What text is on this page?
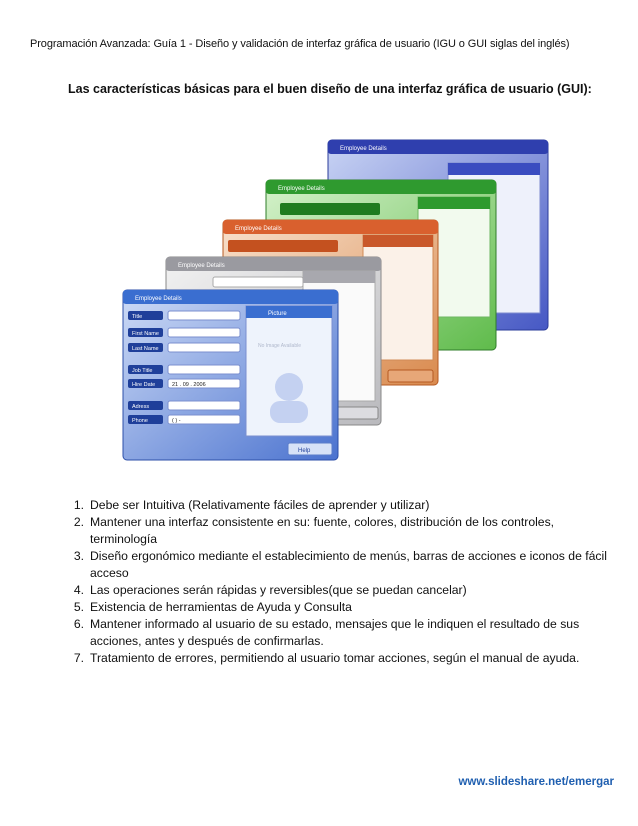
Programación Avanzada: Guía 1 - Diseño y validación de interfaz gráfica de usuario (IGU o GUI siglas del inglés)
Las características básicas para el buen diseño de una interfaz gráfica de usuario (GUI):
Employee Details
Employee Details
Employee Details
Employee Details
Employee Details
Title
First Name
Last Name
Job Title
Hire Date	21 . 09 . 2006
Adress
Phone	( ) -
Picture
No Image Available
Help
1. Debe ser Intuitiva (Relativamente fáciles de aprender y utilizar)
2. Mantener una interfaz consistente en su: fuente, colores, distribución de los controles, terminología
3. Diseño ergonómico mediante el establecimiento de menús, barras de acciones e iconos de fácil acceso
4. Las operaciones serán rápidas y reversibles(que se puedan cancelar)
5. Existencia de herramientas de Ayuda y Consulta
6. Mantener informado al usuario de su estado, mensajes que le indiquen el resultado de sus acciones, antes y después de confirmarlas.
7. Tratamiento de errores, permitiendo al usuario tomar acciones, según el manual de ayuda.
www.slideshare.net/emergar
